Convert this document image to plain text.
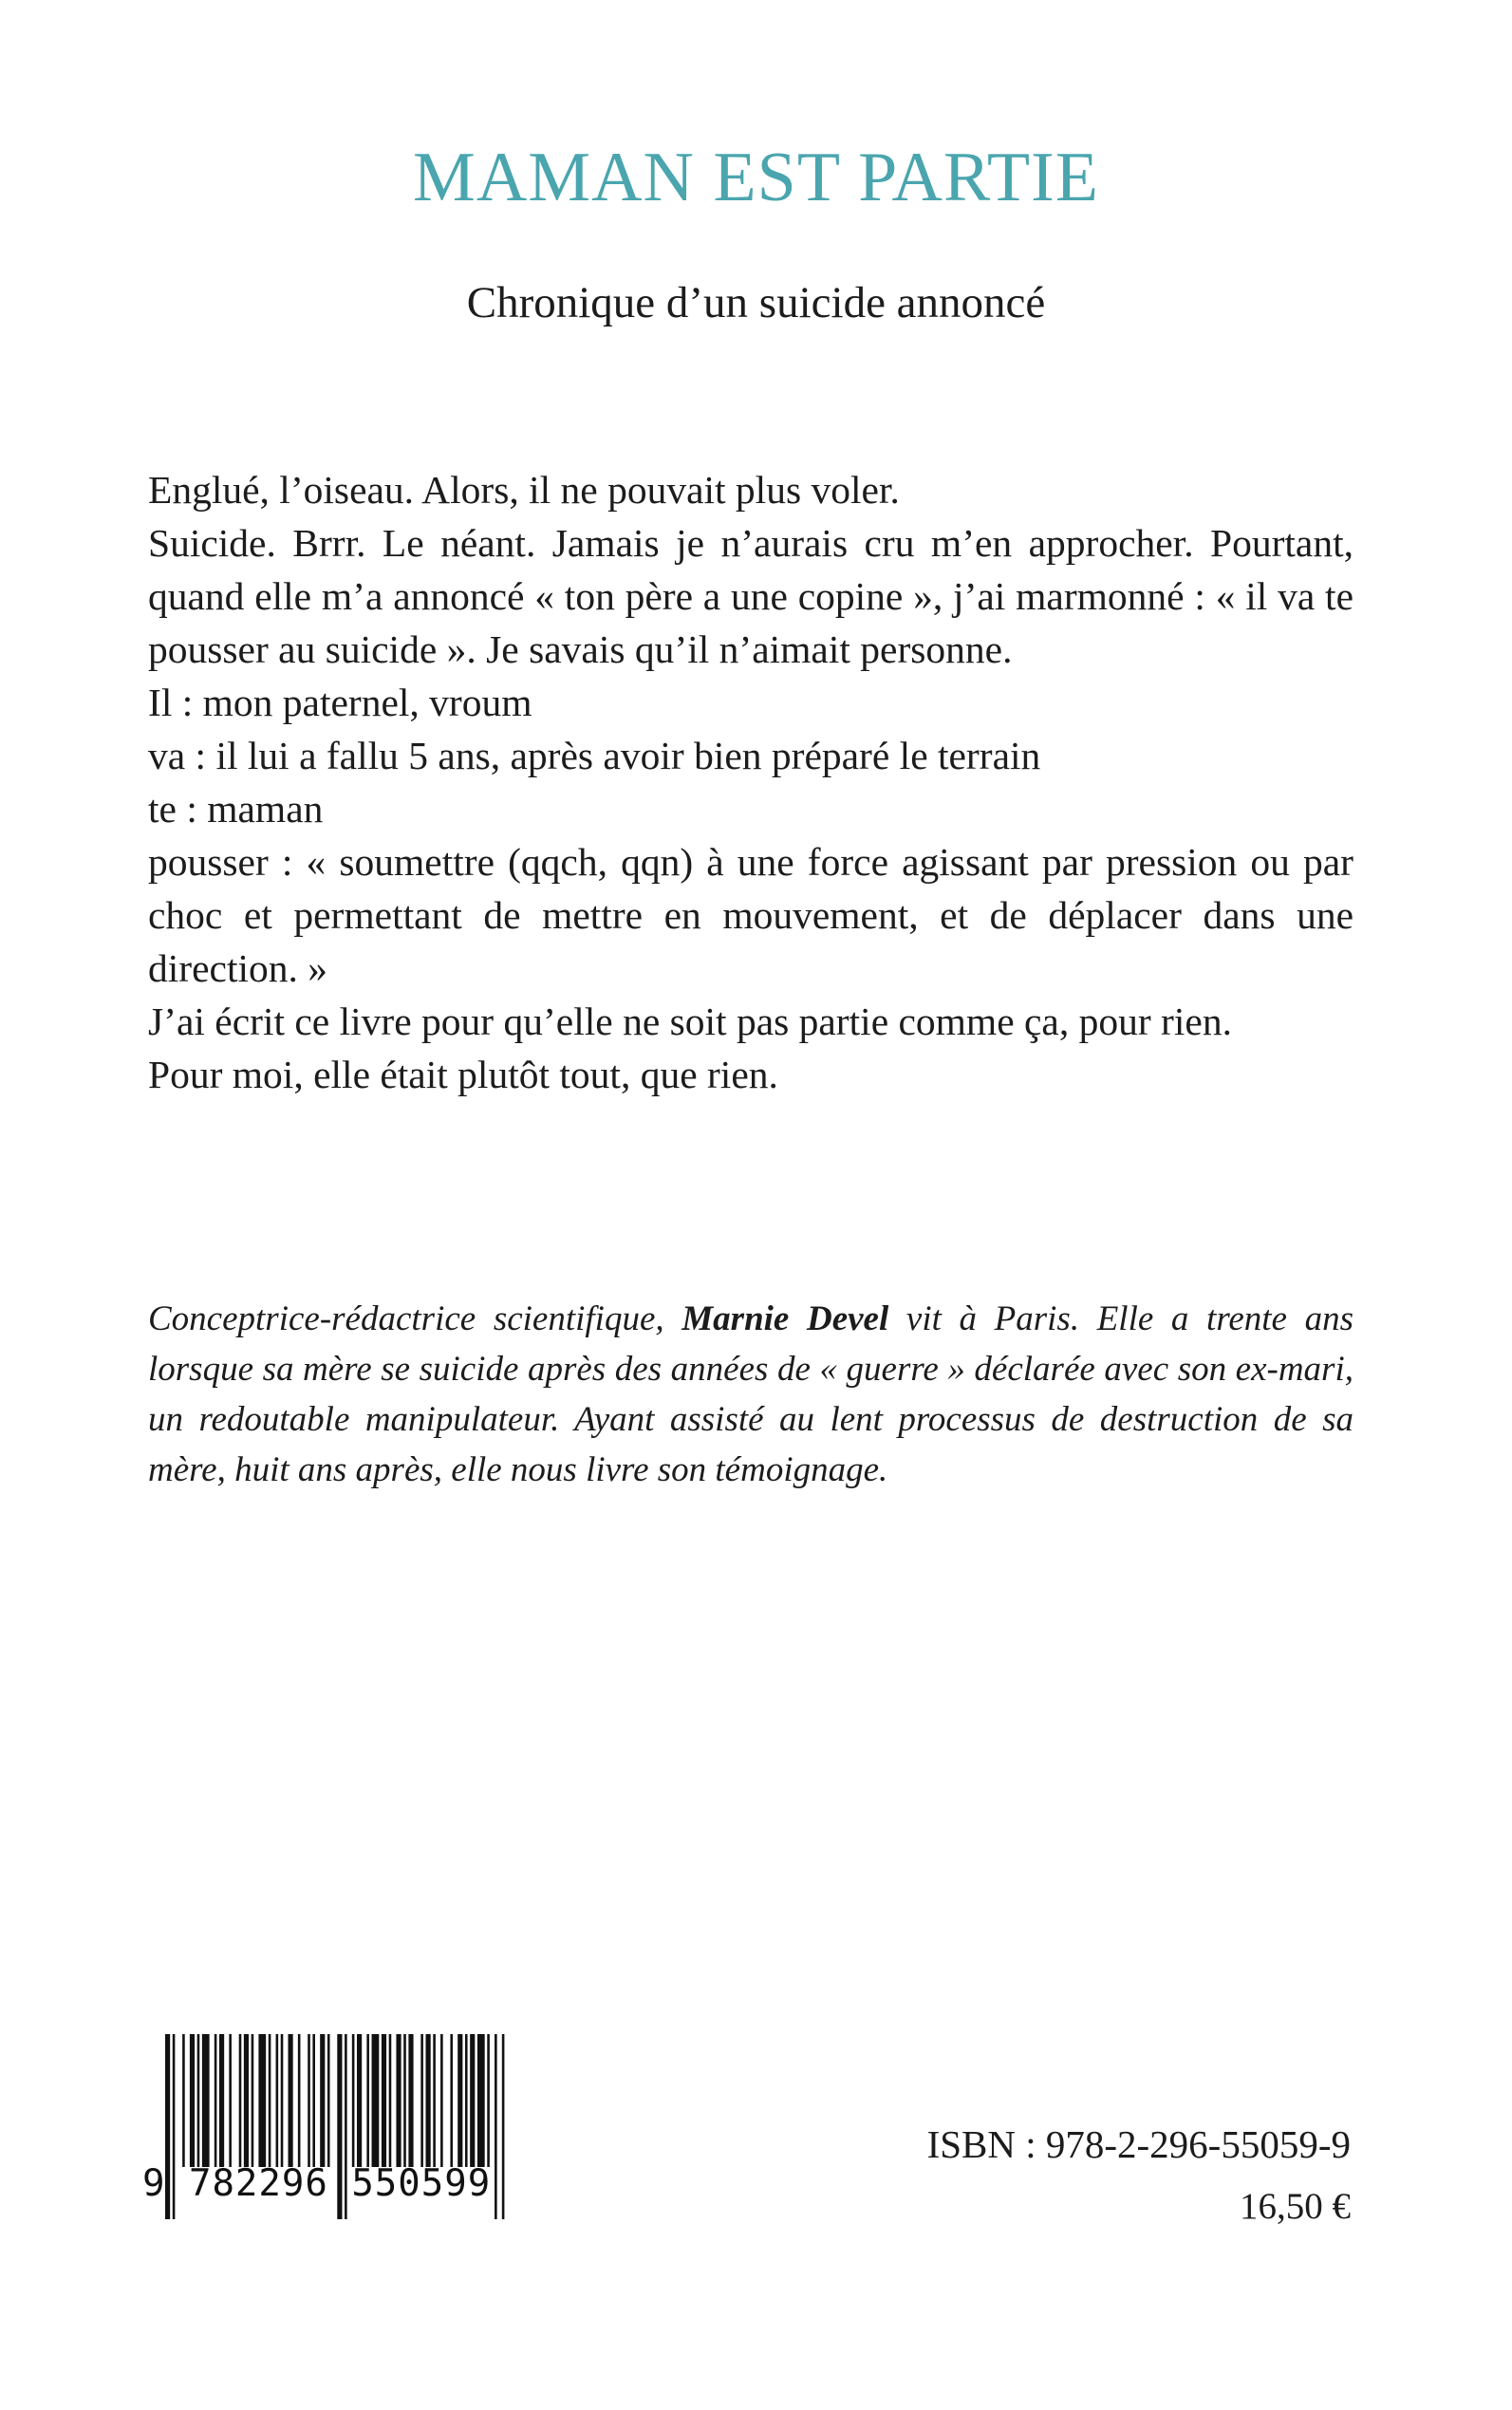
MAMAN EST PARTIE
Chronique d’un suicide annoncé

Englué, l’oiseau. Alors, il ne pouvait plus voler.

Suicide. Brrr. Le néant. Jamais je n’aurais cru m’en approcher. Pourtant, quand elle m’a annoncé « ton père a une copine », j’ai marmonné : « il va te pousser au suicide ». Je savais qu’il n’aimait personne.

Il : mon paternel, vroum

va : il lui a fallu 5 ans, après avoir bien préparé le terrain

te : maman

pousser : « soumettre (qqch, qqn) à une force agissant par pression ou par choc et permettant de mettre en mouvement, et de déplacer dans une direction. »

J’ai écrit ce livre pour qu’elle ne soit pas partie comme ça, pour rien.

Pour moi, elle était plutôt tout, que rien.

Conceptrice-rédactrice scientifique, Marnie Devel vit à Paris. Elle a trente ans lorsque sa mère se suicide après des années de « guerre » déclarée avec son ex-mari, un redoutable manipulateur. Ayant assisté au lent processus de destruction de sa mère, huit ans après, elle nous livre son témoignage.

9 782296 550599
ISBN : 978-2-296-55059-9
16,50 €
